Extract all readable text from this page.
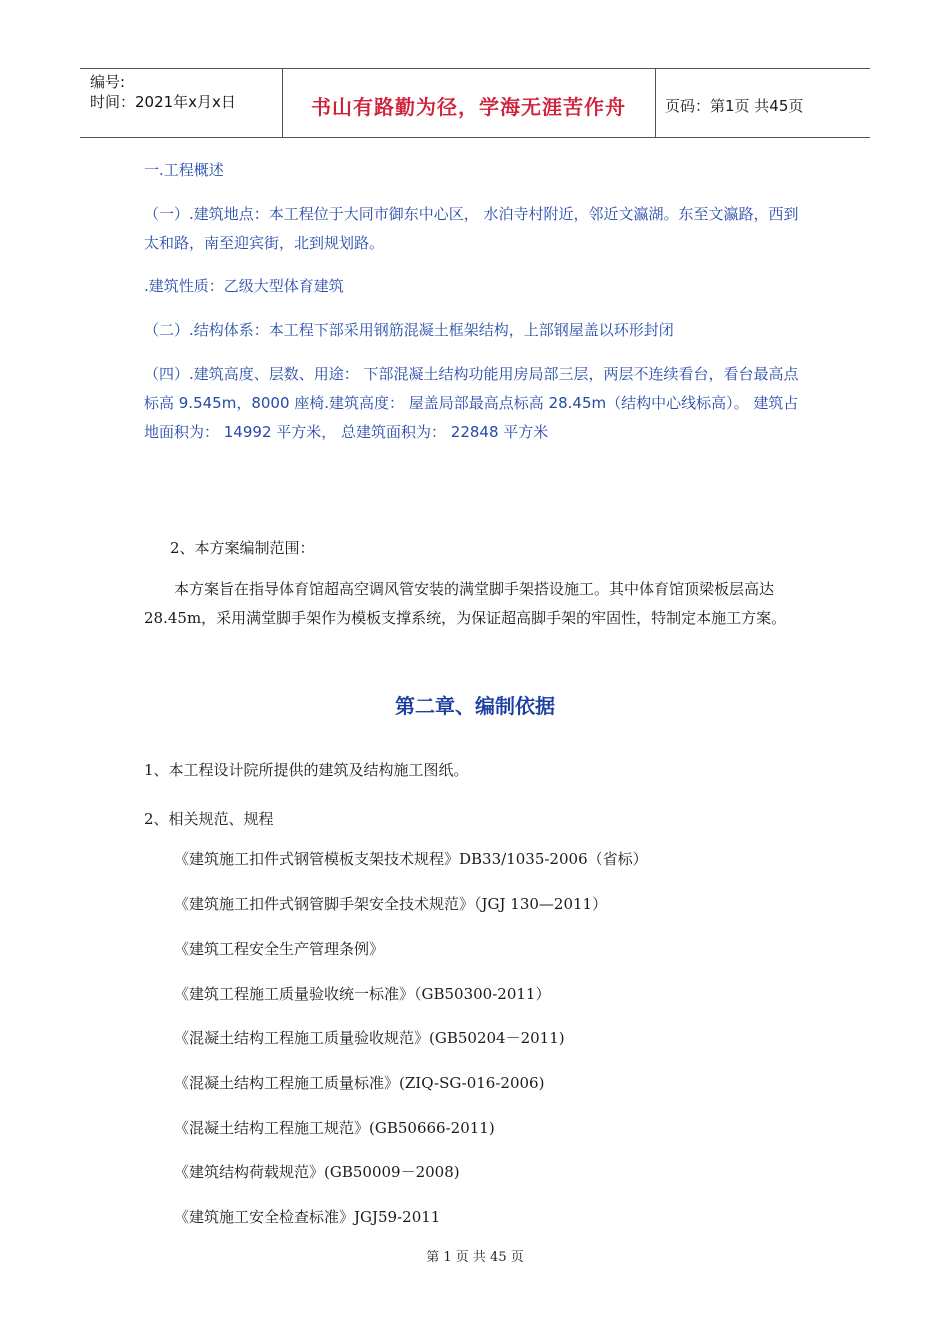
编号:
时间：2021年x月x日	书山有路勤为径，学海无涯苦作舟	页码：第1页 共45页
一.工程概述
（一）.建筑地点：本工程位于大同市御东中心区， 水泊寺村附近，邻近文瀛湖。东至文瀛路，西到太和路，南至迎宾街，北到规划路。
.建筑性质：乙级大型体育建筑
（二）.结构体系：本工程下部采用钢筋混凝土框架结构，上部钢屋盖以环形封闭
（四）.建筑高度、层数、用途： 下部混凝土结构功能用房局部三层，两层不连续看台，看台最高点标高 9.545m，8000 座椅.建筑高度： 屋盖局部最高点标高 28.45m（结构中心线标高）。 建筑占地面积为： 14992 平方米， 总建筑面积为： 22848 平方米
2、本方案编制范围：
本方案旨在指导体育馆超高空调风管安装的满堂脚手架搭设施工。其中体育馆顶梁板层高达28.45m，采用满堂脚手架作为模板支撑系统，为保证超高脚手架的牢固性，特制定本施工方案。
第二章、编制依据
1、本工程设计院所提供的建筑及结构施工图纸。
2、相关规范、规程
《建筑施工扣件式钢管模板支架技术规程》DB33/1035-2006（省标）
《建筑施工扣件式钢管脚手架安全技术规范》（JGJ 130—2011）
《建筑工程安全生产管理条例》
《建筑工程施工质量验收统一标准》（GB50300-2011）
《混凝土结构工程施工质量验收规范》(GB50204－2011)
《混凝土结构工程施工质量标准》(ZIQ-SG-016-2006)
《混凝土结构工程施工规范》(GB50666-2011)
《建筑结构荷载规范》(GB50009－2008)
《建筑施工安全检查标准》JGJ59-2011
第 1 页 共 45 页
